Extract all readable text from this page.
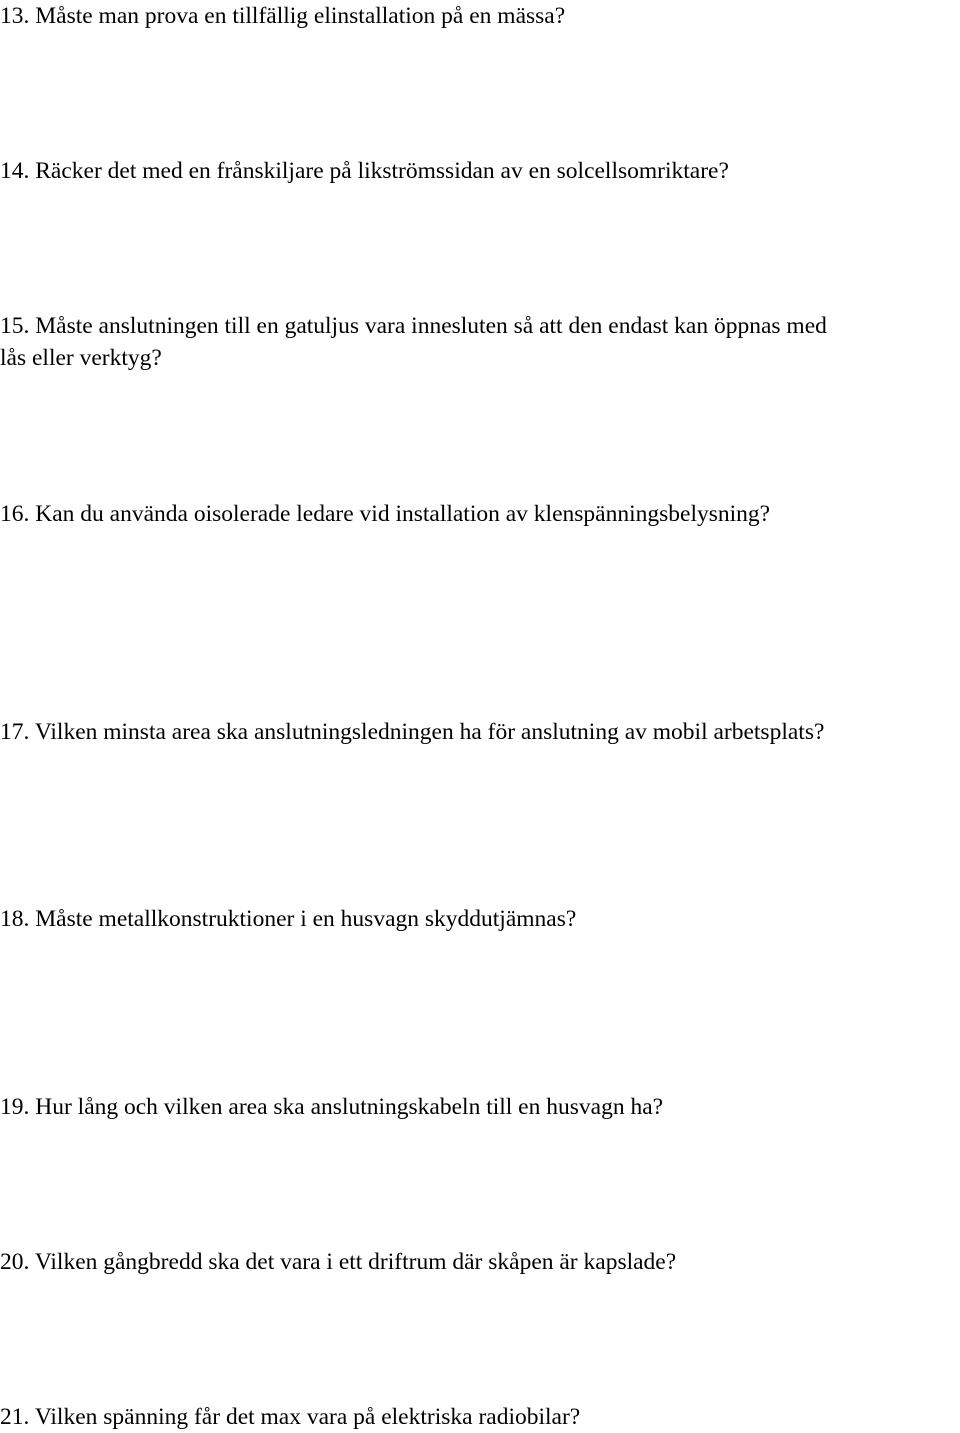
13. Måste man prova en tillfällig elinstallation på en mässa?

14. Räcker det med en frånskiljare på likströmssidan av en solcellsomriktare?

15. Måste anslutningen till en gatuljus vara innesluten så att den endast kan öppnas med
lås eller verktyg?

16. Kan du använda oisolerade ledare vid installation av klenspänningsbelysning?

17. Vilken minsta area ska anslutningsledningen ha för anslutning av mobil arbetsplats?

18. Måste metallkonstruktioner i en husvagn skyddutjämnas?

19. Hur lång och vilken area ska anslutningskabeln till en husvagn ha?

20. Vilken gångbredd ska det vara i ett driftrum där skåpen är kapslade?

21. Vilken spänning får det max vara på elektriska radiobilar?
